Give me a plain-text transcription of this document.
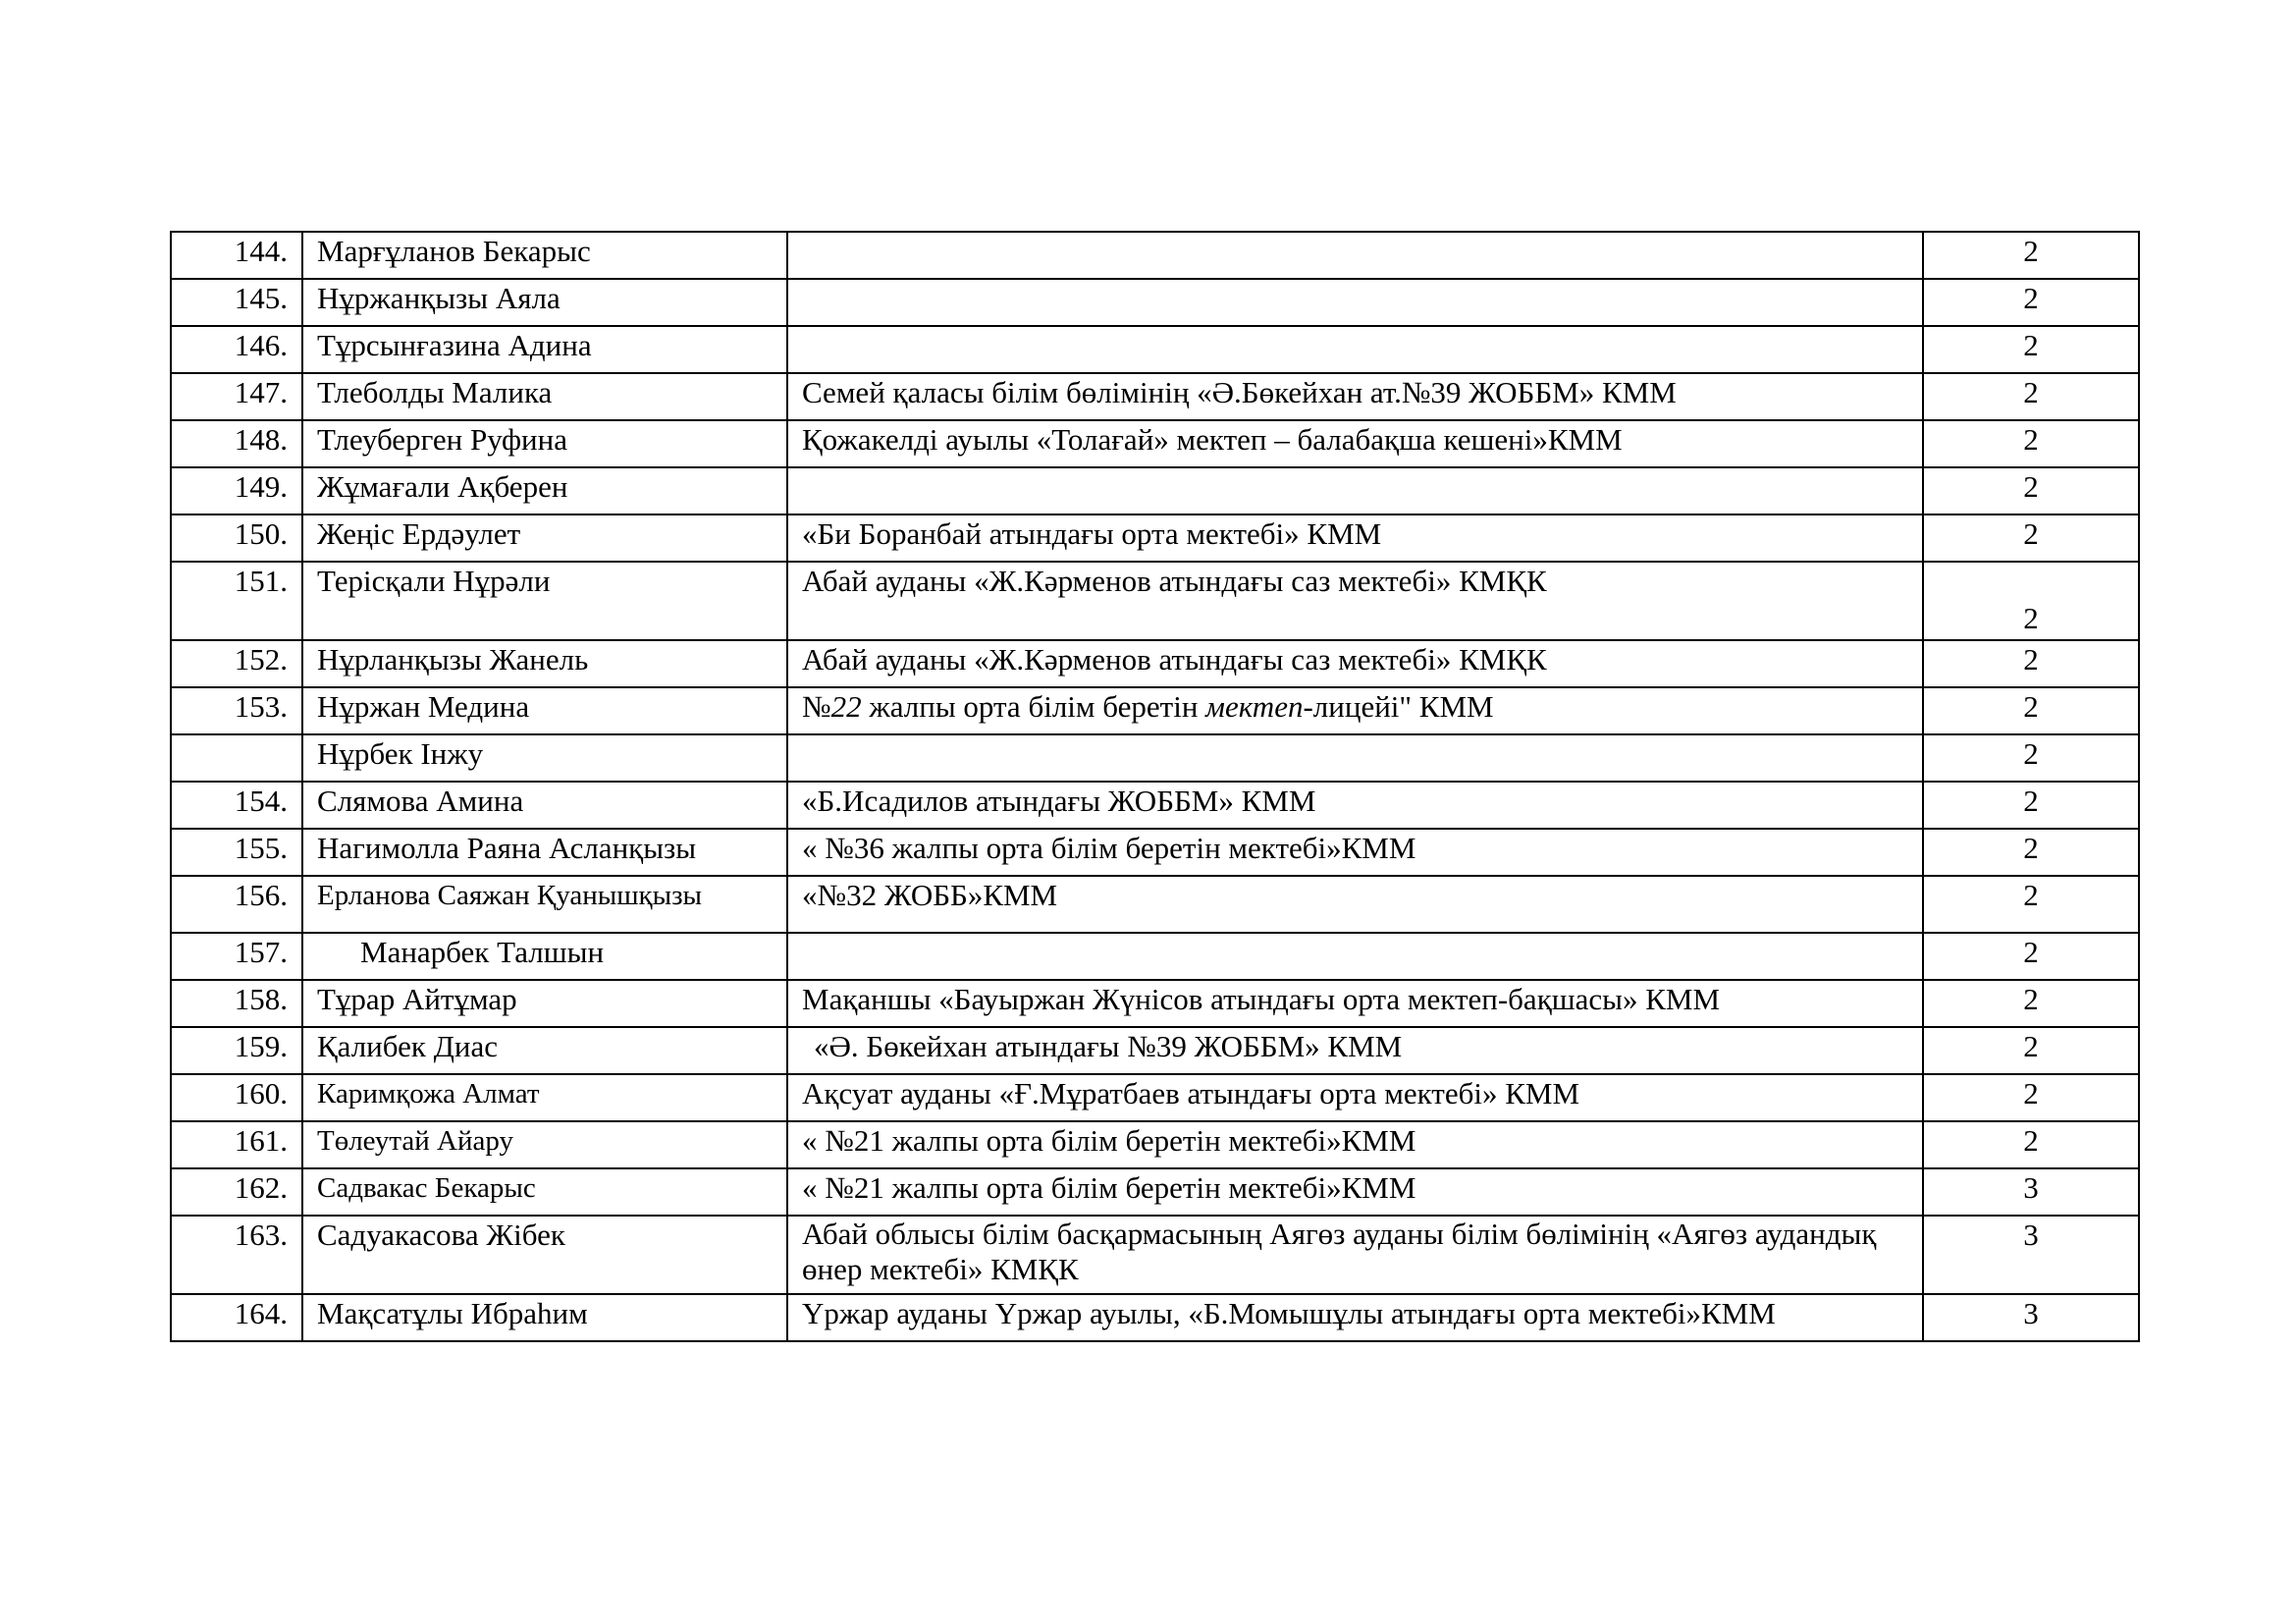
144.	Марғұланов Бекарыс		2
145.	Нұржанқызы Аяла		2
146.	Тұрсынғазина Адина		2
147.	Тлеболды Малика	Семей қаласы білім бөлімінің «Ә.Бөкейхан ат.№39 ЖОББМ» КММ	2
148.	Тлеуберген Руфина	Қожакелді ауылы «Толағай» мектеп – балабақша кешені»КММ	2
149.	Жұмағали Ақберен		2
150.	Жеңіс Ердәулет	«Би Боранбай атындағы орта мектебі» КММ	2
151.	Терісқали Нұрәли	Абай ауданы «Ж.Кәрменов атындағы саз мектебі» КМҚК	2
152.	Нұрланқызы Жанель	Абай ауданы «Ж.Кәрменов атындағы саз мектебі» КМҚК	2
153.	Нұржан Медина	№22 жалпы орта білім беретін мектеп-лицейі" КММ	2
	Нұрбек Інжу		2
154.	Слямова Амина	«Б.Исадилов атындағы ЖОББМ» КММ	2
155.	Нагимолла Раяна Асланқызы	« №36 жалпы орта білім беретін мектебі»КММ	2
156.	Ерланова Саяжан Қуанышқызы	«№32 ЖОББ»КММ	2
157.	Манарбек Талшын		2
158.	Тұрар Айтұмар	Мақаншы «Бауыржан Жүнісов атындағы орта мектеп-бақшасы» КММ	2
159.	Қалибек Диас	«Ә. Бөкейхан атындағы №39 ЖОББМ» КММ	2
160.	Каримқожа Алмат	Ақсуат ауданы «Ғ.Мұратбаев атындағы орта мектебі» КММ	2
161.	Төлеутай Айару	« №21 жалпы орта білім беретін мектебі»КММ	2
162.	Садвакас Бекарыс	« №21 жалпы орта білім беретін мектебі»КММ	3
163.	Садуакасова Жібек	Абай облысы білім басқармасының Аягөз ауданы білім бөлімінің «Аягөз аудандық өнер мектебі» КМҚК	3
164.	Мақсатұлы Ибраһим	Үржар ауданы Үржар ауылы, «Б.Момышұлы атындағы орта мектебі»КММ	3
